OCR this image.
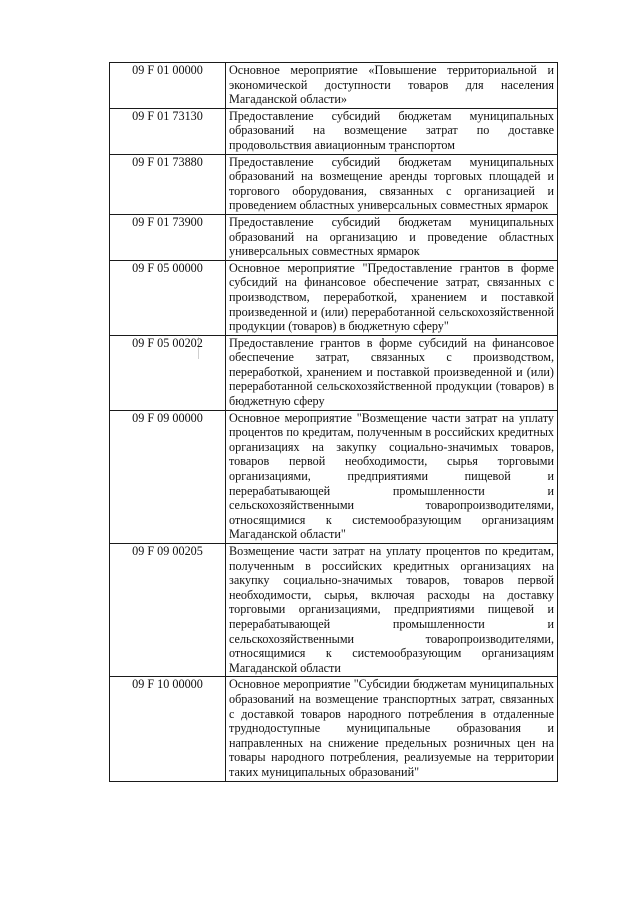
09 F 01 00000	Основное мероприятие «Повышение территориальной и экономической доступности товаров для населения Магаданской области»
09 F 01 73130	Предоставление субсидий бюджетам муниципальных образований на возмещение затрат по доставке продовольствия авиационным транспортом
09 F 01 73880	Предоставление субсидий бюджетам муниципальных образований на возмещение аренды торговых площадей и торгового оборудования, связанных с организацией и проведением областных универсальных совместных ярмарок
09 F 01 73900	Предоставление субсидий бюджетам муниципальных образований на организацию и проведение областных универсальных совместных ярмарок
09 F 05 00000	Основное мероприятие "Предоставление грантов в форме субсидий на финансовое обеспечение затрат, связанных с производством, переработкой, хранением и поставкой произведенной и (или) переработанной сельскохозяйственной продукции (товаров) в бюджетную сферу"
09 F 05 00202	Предоставление грантов в форме субсидий на финансовое обеспечение затрат, связанных с производством, переработкой, хранением и поставкой произведенной и (или) переработанной сельскохозяйственной продукции (товаров) в бюджетную сферу
09 F 09 00000	Основное мероприятие "Возмещение части затрат на уплату процентов по кредитам, полученным в российских кредитных организациях на закупку социально-значимых товаров, товаров первой необходимости, сырья торговыми организациями, предприятиями пищевой и перерабатывающей промышленности и сельскохозяйственными товаропроизводителями, относящимися к системообразующим организациям Магаданской области"
09 F 09 00205	Возмещение части затрат на уплату процентов по кредитам, полученным в российских кредитных организациях на закупку социально-значимых товаров, товаров первой необходимости, сырья, включая расходы на доставку торговыми организациями, предприятиями пищевой и перерабатывающей промышленности и сельскохозяйственными товаропроизводителями, относящимися к системообразующим организациям Магаданской области
09 F 10 00000	Основное мероприятие "Субсидии бюджетам муниципальных образований на возмещение транспортных затрат, связанных с доставкой товаров народного потребления в отдаленные труднодоступные муниципальные образования и направленных на снижение предельных розничных цен на товары народного потребления, реализуемые на территории таких муниципальных образований"
